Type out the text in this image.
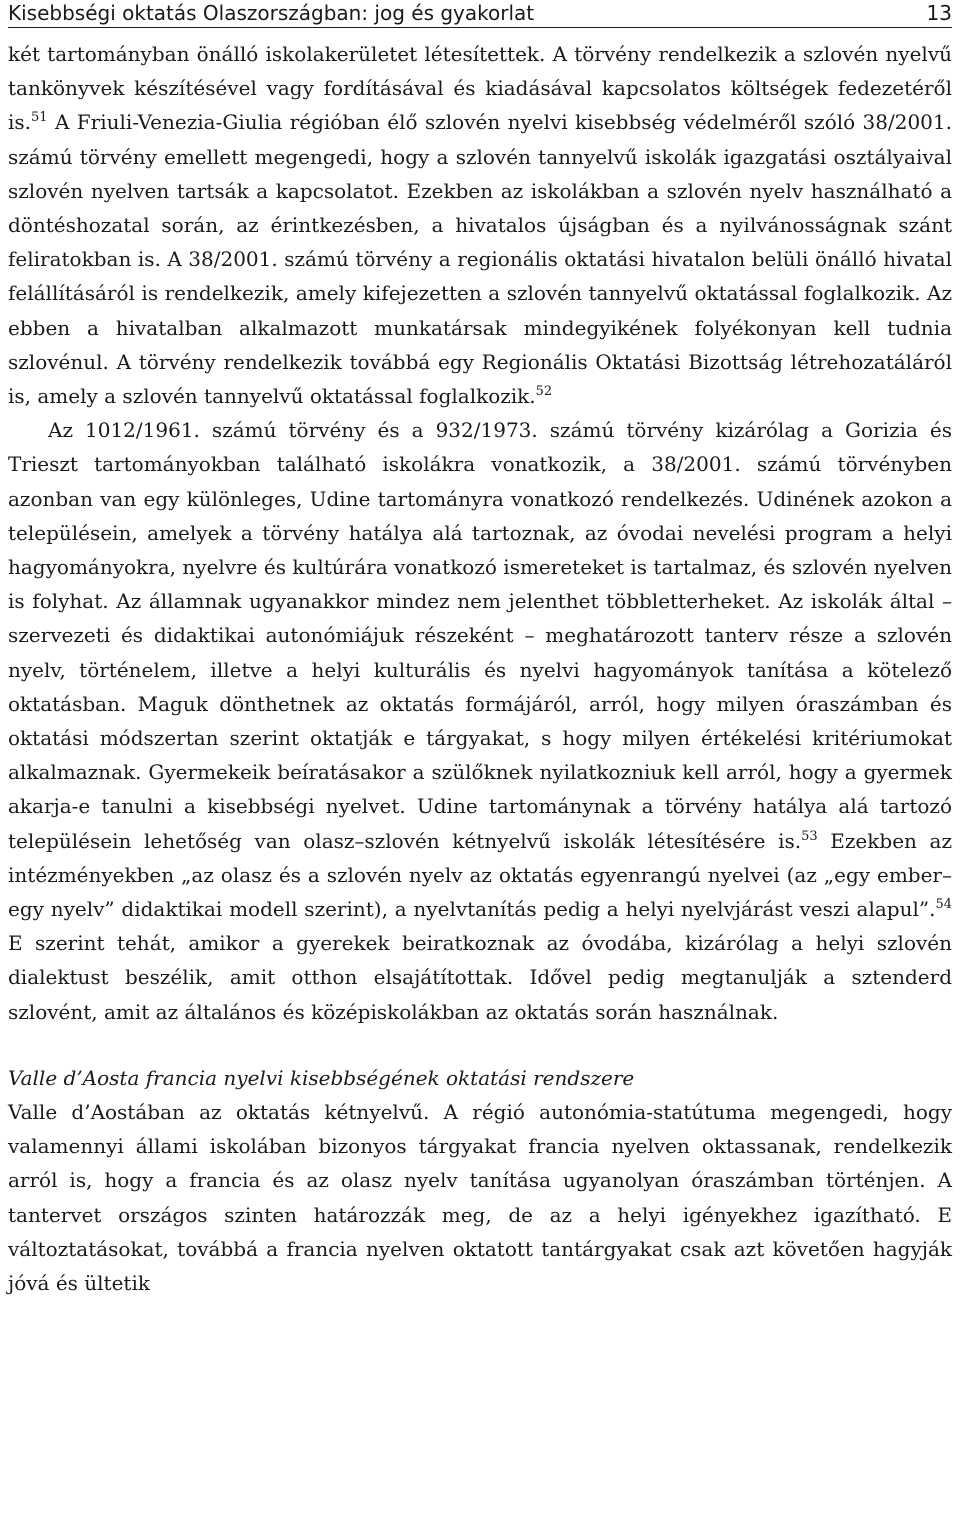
Kisebbségi oktatás Olaszországban: jog és gyakorlat	13

két tartományban önálló iskolakerületet létesítettek. A törvény rendelkezik a szlovén nyelvű tankönyvek készítésével vagy fordításával és kiadásával kapcsolatos költségek fedezetéről is.$^{51}$ A Friuli-Venezia-Giulia régióban élő szlovén nyelvi kisebbség védelméről szóló 38/2001. számú törvény emellett megengedi, hogy a szlovén tannyelvű iskolák igazgatási osztályaival szlovén nyelven tartsák a kapcsolatot. Ezekben az iskolákban a szlovén nyelv használható a döntéshozatal során, az érintkezésben, a hivatalos újságban és a nyilvánosságnak szánt feliratokban is. A 38/2001. számú törvény a regionális oktatási hivatalon belüli önálló hivatal felállításáról is rendelkezik, amely kifejezetten a szlovén tannyelvű oktatással foglalkozik. Az ebben a hivatalban alkalmazott munkatársak mindegyikének folyékonyan kell tudnia szlovénul. A törvény rendelkezik továbbá egy Regionális Oktatási Bizottság létrehozatáláról is, amely a szlovén tannyelvű oktatással foglalkozik.$^{52}$

Az 1012/1961. számú törvény és a 932/1973. számú törvény kizárólag a Gorizia és Trieszt tartományokban található iskolákra vonatkozik, a 38/2001. számú törvényben azonban van egy különleges, Udine tartományra vonatkozó rendelkezés. Udinének azokon a településein, amelyek a törvény hatálya alá tartoznak, az óvodai nevelési program a helyi hagyományokra, nyelvre és kultúrára vonatkozó ismereteket is tartalmaz, és szlovén nyelven is folyhat. Az államnak ugyanakkor mindez nem jelenthet többletterheket. Az iskolák által – szervezeti és didaktikai autonómiájuk részeként – meghatározott tanterv része a szlovén nyelv, történelem, illetve a helyi kulturális és nyelvi hagyományok tanítása a kötelező oktatásban. Maguk dönthetnek az oktatás formájáról, arról, hogy milyen óraszámban és oktatási módszertan szerint oktatják e tárgyakat, s hogy milyen értékelési kritériumokat alkalmaznak. Gyermekeik beíratásakor a szülőknek nyilatkozniuk kell arról, hogy a gyermek akarja-e tanulni a kisebbségi nyelvet. Udine tartománynak a törvény hatálya alá tartozó településein lehetőség van olasz–szlovén kétnyelvű iskolák létesítésére is.$^{53}$ Ezekben az intézményekben „az olasz és a szlovén nyelv az oktatás egyenrangú nyelvei (az „egy ember–egy nyelv” didaktikai modell szerint), a nyelvtanítás pedig a helyi nyelvjárást veszi alapul”.$^{54}$ E szerint tehát, amikor a gyerekek beiratkoznak az óvodába, kizárólag a helyi szlovén dialektust beszélik, amit otthon elsajátítottak. Idővel pedig megtanulják a sztenderd szlovént, amit az általános és középiskolákban az oktatás során használnak.

Valle d’Aosta francia nyelvi kisebbségének oktatási rendszere

Valle d’Aostában az oktatás kétnyelvű. A régió autonómia-statútuma megengedi, hogy valamennyi állami iskolában bizonyos tárgyakat francia nyelven oktassanak, rendelkezik arról is, hogy a francia és az olasz nyelv tanítása ugyanolyan óraszámban történjen. A tantervet országos szinten határozzák meg, de az a helyi igényekhez igazítható. E változtatásokat, továbbá a francia nyelven oktatott tantárgyakat csak azt követően hagyják jóvá és ültetik
